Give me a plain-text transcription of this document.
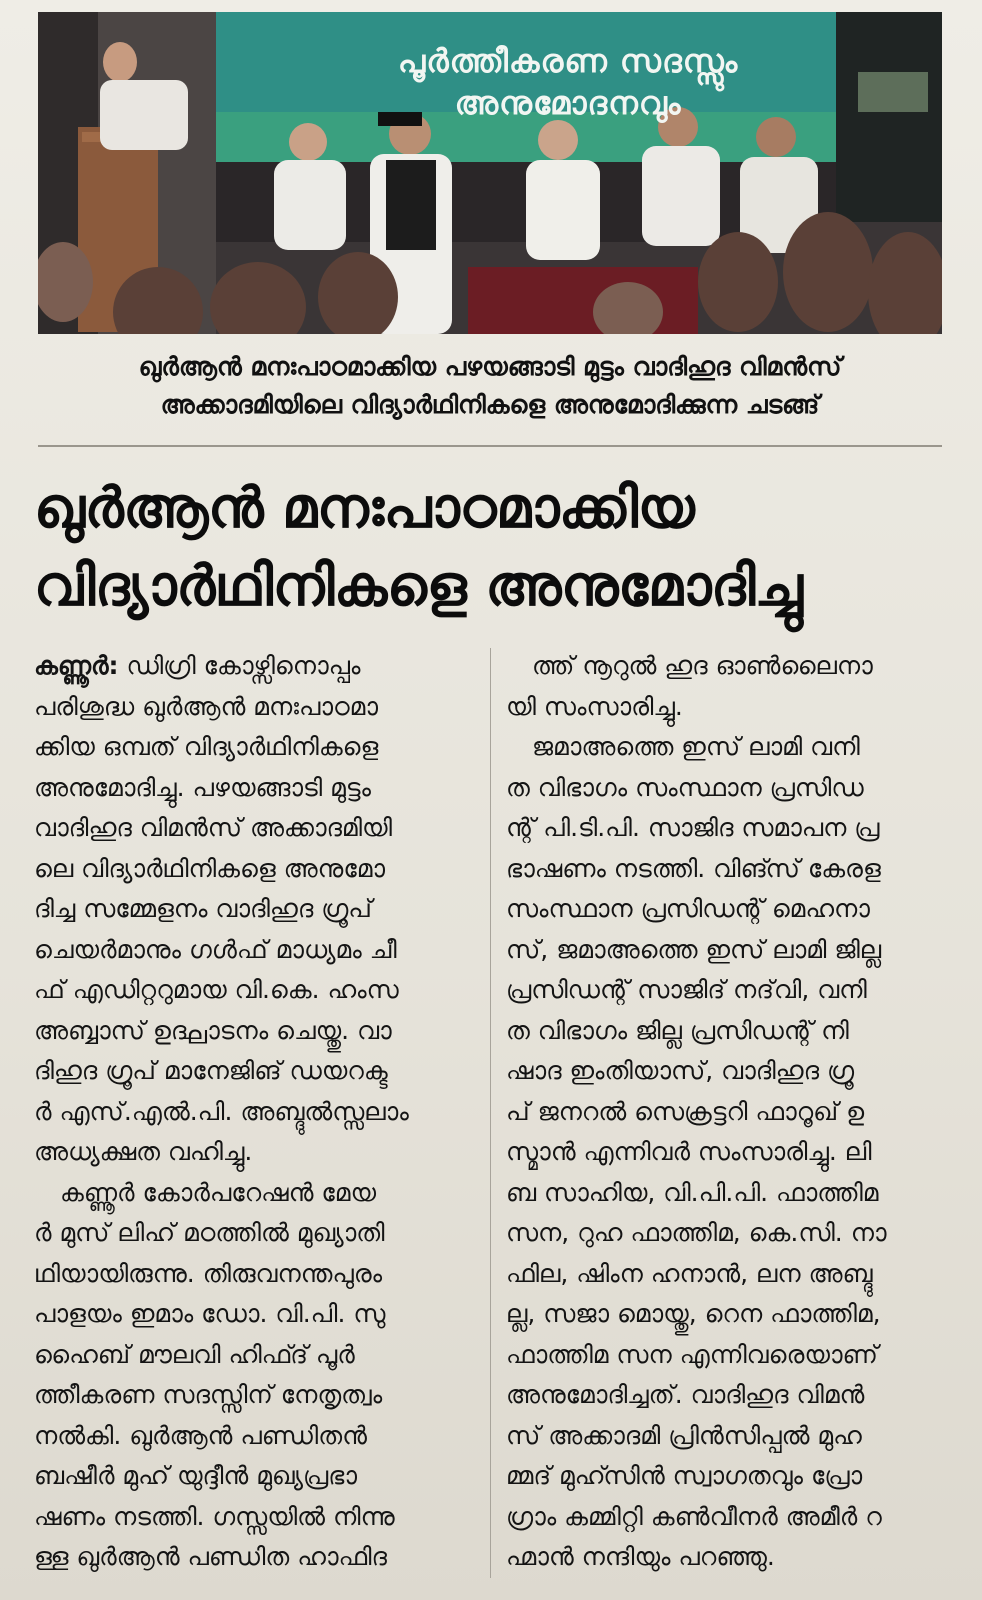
പൂർത്തീകരണ സദസ്സും
അനുമോദനവും
ഖുർആൻ മനഃപാഠമാക്കിയ പഴയങ്ങാടി മുട്ടം വാദിഹുദ വിമൻസ്
അക്കാദമിയിലെ വിദ്യാർഥിനികളെ അനുമോദിക്കുന്ന ചടങ്ങ്
ഖുർആൻ മനഃപാഠമാക്കിയ
വിദ്യാർഥിനികളെ അനുമോദിച്ചു
കണ്ണൂർ: ഡിഗ്രി കോഴ്സിനൊപ്പം
പരിശുദ്ധ ഖുർആൻ മനഃപാഠമാ
ക്കിയ ഒമ്പത് വിദ്യാർഥിനികളെ
അനുമോദിച്ചു. പഴയങ്ങാടി മുട്ടം
വാദിഹുദ വിമൻസ് അക്കാദമിയി
ലെ വിദ്യാർഥിനികളെ അനുമോ
ദിച്ച സമ്മേളനം വാദിഹുദ ഗ്രൂപ്
ചെയർമാനും ഗൾഫ് മാധ്യമം ചീ
ഫ് എഡിറ്ററുമായ വി.കെ. ഹംസ
അബ്ബാസ് ഉദ്ഘാടനം ചെയ്തു. വാ
ദിഹുദ ഗ്രൂപ് മാനേജിങ് ഡയറക്ട
ർ എസ്.എൽ.പി. അബ്ദുൽസ്സലാം
അധ്യക്ഷത വഹിച്ചു.
കണ്ണൂർ കോർപറേഷൻ മേയ
ർ മുസ് ലിഹ് മഠത്തിൽ മുഖ്യാതി
ഥിയായിരുന്നു. തിരുവനന്തപുരം
പാളയം ഇമാം ഡോ. വി.പി. സു
ഹൈബ് മൗലവി ഹിഫ്ദ് പൂർ
ത്തീകരണ സദസ്സിന് നേതൃത്വം
നൽകി. ഖുർആൻ പണ്ഡിതൻ
ബഷീർ മുഹ് യുദ്ദീൻ മുഖ്യപ്രഭാ
ഷണം നടത്തി. ഗസ്സയിൽ നിന്നു
ള്ള ഖുർആൻ പണ്ഡിത ഹാഫിദ
ത്ത് നൂറുൽ ഹുദ ഓൺലൈനാ
യി സംസാരിച്ചു.
ജമാഅത്തെ ഇസ് ലാമി വനി
ത വിഭാഗം സംസ്ഥാന പ്രസിഡ
ന്റ് പി.ടി.പി. സാജിദ സമാപന പ്ര
ഭാഷണം നടത്തി. വിങ്സ് കേരള
സംസ്ഥാന പ്രസിഡന്റ് മെഹനാ
സ്, ജമാഅത്തെ ഇസ് ലാമി ജില്ല
പ്രസിഡന്റ് സാജിദ് നദ്‌വി, വനി
ത വിഭാഗം ജില്ല പ്രസിഡന്റ് നി
ഷാദ ഇംതിയാസ്, വാദിഹുദ ഗ്രൂ
പ് ജനറൽ സെക്രട്ടറി ഫാറൂഖ് ഉ
സ്മാൻ എന്നിവർ സംസാരിച്ചു. ലി
ബ സാഹിയ, വി.പി.പി. ഫാത്തിമ
സന, റുഹ ഫാത്തിമ, കെ.സി. നാ
ഫില, ഷിംന ഹനാൻ, ലന അബ്ദു
ല്ല, സജാ മൊയ്തു, റെന ഫാത്തിമ,
ഫാത്തിമ സന എന്നിവരെയാണ്
അനുമോദിച്ചത്. വാദിഹുദ വിമൻ
സ് അക്കാദമി പ്രിൻസിപ്പൽ മുഹ
മ്മദ് മുഹ്സിൻ സ്വാഗതവും പ്രോ
ഗ്രാം കമ്മിറ്റി കൺവീനർ അമീർ റ
ഹ്മാൻ നന്ദിയും പറഞ്ഞു.
